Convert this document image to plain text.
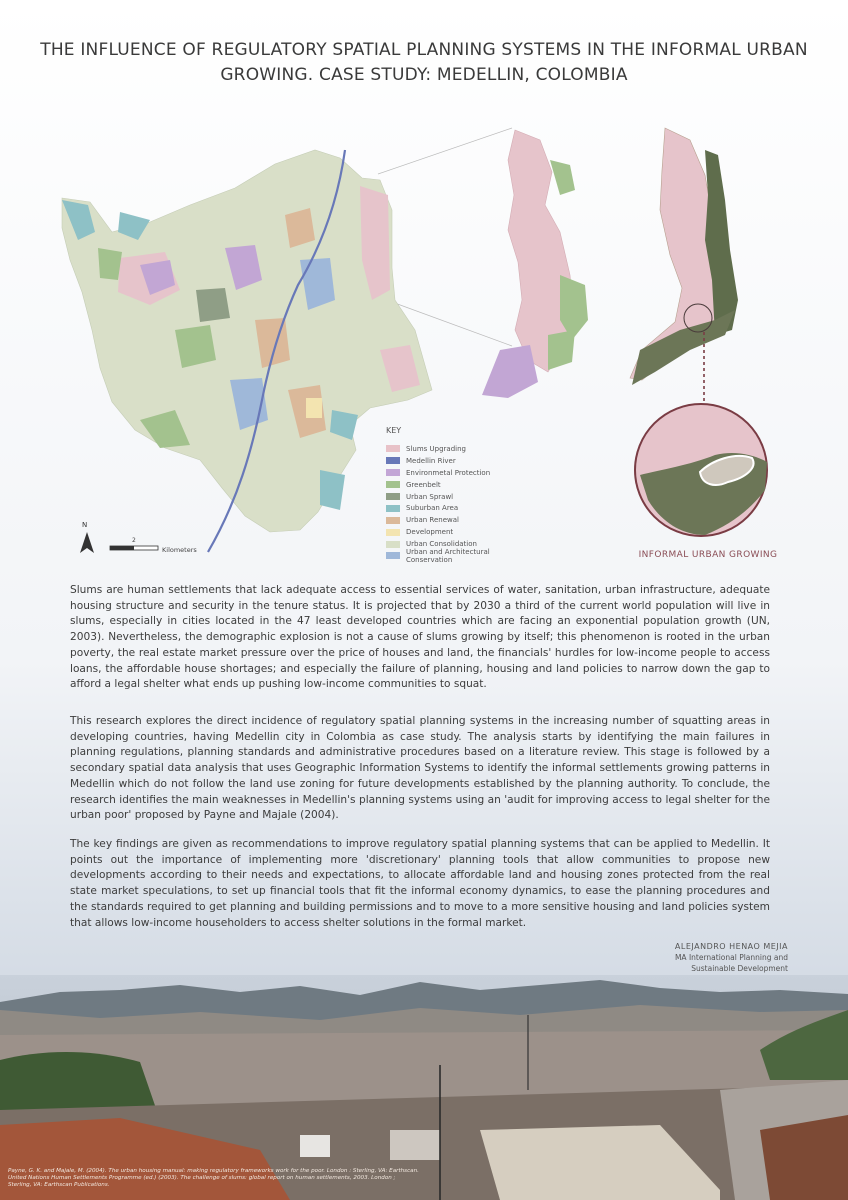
THE INFLUENCE OF REGULATORY SPATIAL PLANNING SYSTEMS IN THE INFORMAL URBAN
GROWING. CASE STUDY: MEDELLIN, COLOMBIA
N
2
Kilometers
KEY
Slums Upgrading
Medellin River
Environmetal Protection
Greenbelt
Urban Sprawl
Suburban Area
Urban Renewal
Development
Urban Consolidation
Urban and Architectural Conservation	INFORMAL URBAN GROWING

Slums are human settlements that lack adequate access to essential services of water, sanitation, urban infrastructure, adequate housing structure and security in the tenure status. It is projected that by 2030 a third of the current world population will live in slums, especially in cities located in the 47 least developed countries which are facing an exponential population growth (UN, 2003). Nevertheless, the demographic explosion is not a cause of slums growing by itself; this phenomenon is rooted in the urban poverty, the real estate market pressure over the price of houses and land, the financials' hurdles for low-income people to access loans, the affordable house shortages; and especially the failure of planning, housing and land policies to narrow down the gap to afford a legal shelter what ends up pushing low-income communities to squat.

This research explores the direct incidence of regulatory spatial planning systems in the increasing number of squatting areas in developing countries, having Medellin city in Colombia as case study. The analysis starts by identifying the main failures in planning regulations, planning standards and administrative procedures based on a literature review. This stage is followed by a secondary spatial data analysis that uses Geographic Information Systems to identify the informal settlements growing patterns in Medellin which do not follow the land use zoning for future developments established by the planning authority. To conclude, the research identifies the main weaknesses in Medellin's planning systems using an 'audit for improving access to legal shelter for the urban poor' proposed by Payne and Majale (2004).

The key findings are given as recommendations to improve regulatory spatial planning systems that can be applied to Medellin. It points out the importance of implementing more 'discretionary' planning tools that allow communities to propose new developments according to their needs and expectations, to allocate affordable land and housing zones protected from the real state market speculations, to set up financial tools that fit the informal economy dynamics, to ease the planning procedures and the standards required to get planning and building permissions and to move to a more sensitive housing and land policies system that allows low-income householders to access shelter solutions in the formal market.

ALEJANDRO HENAO MEJIA
MA International Planning and
Sustainable Development
Payne, G. K. and Majale, M. (2004). The urban housing manual: making regulatory frameworks work for the poor. London : Sterling, VA: Earthscan.
United Nations Human Settlements Programme (ed.) (2003). The challenge of slums: global report on human settlements, 2003. London ;
Sterling, VA: Earthscan Publications.
